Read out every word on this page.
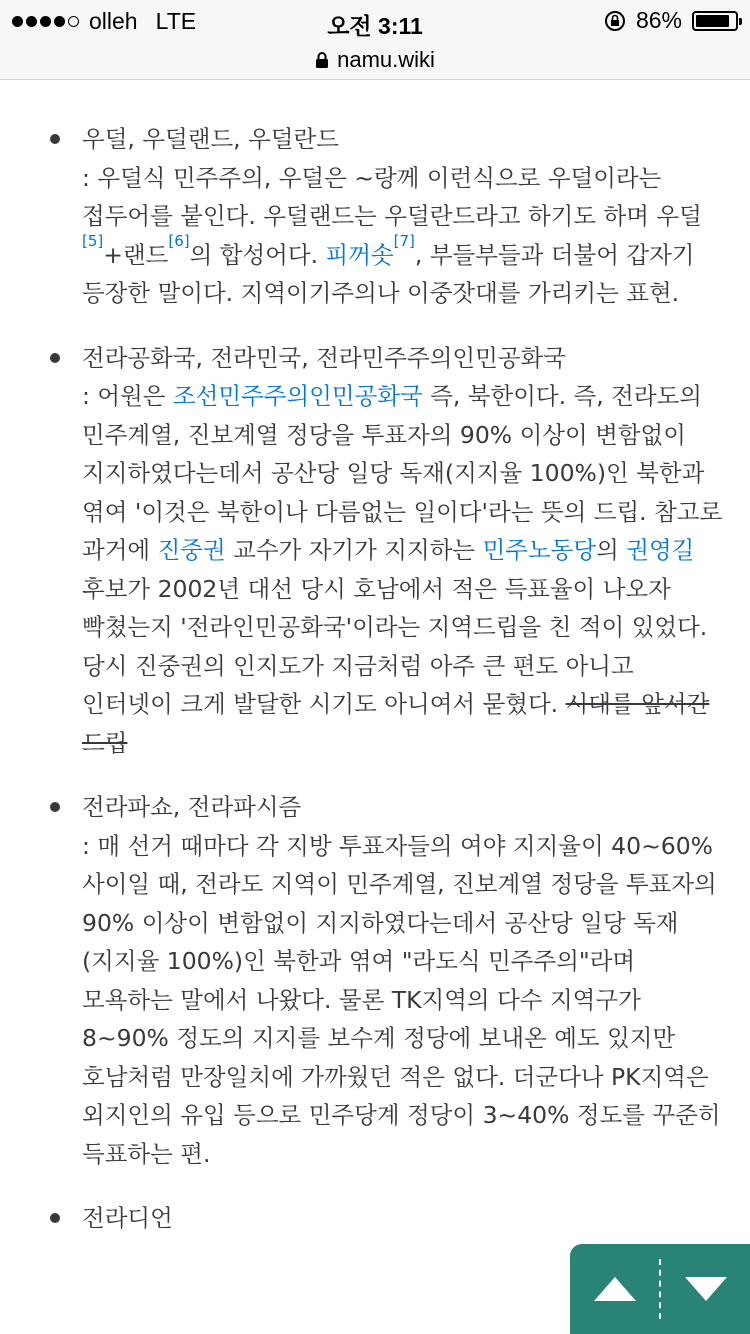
olleh LTE	오전 3:11	86%
namu.wiki
우덜, 우덜랜드, 우덜란드
: 우덜식 민주주의, 우덜은 ~랑께 이런식으로 우덜이라는 접두어를 붙인다. 우덜랜드는 우덜란드라고 하기도 하며 우덜[5]+랜드[6]의 합성어다. 피꺼솟[7], 부들부들과 더불어 갑자기 등장한 말이다. 지역이기주의나 이중잣대를 가리키는 표현.
전라공화국, 전라민국, 전라민주주의인민공화국
: 어원은 조선민주주의인민공화국 즉, 북한이다. 즉, 전라도의 민주계열, 진보계열 정당을 투표자의 90% 이상이 변함없이 지지하였다는데서 공산당 일당 독재(지지율 100%)인 북한과 엮여 '이것은 북한이나 다름없는 일이다'라는 뜻의 드립. 참고로 과거에 진중권 교수가 자기가 지지하는 민주노동당의 권영길 후보가 2002년 대선 당시 호남에서 적은 득표율이 나오자 빡쳤는지 '전라인민공화국'이라는 지역드립을 친 적이 있었다. 당시 진중권의 인지도가 지금처럼 아주 큰 편도 아니고 인터넷이 크게 발달한 시기도 아니여서 묻혔다. 시대를 앞서간 드립
전라파쇼, 전라파시즘
: 매 선거 때마다 각 지방 투표자들의 여야 지지율이 40~60% 사이일 때, 전라도 지역이 민주계열, 진보계열 정당을 투표자의 90% 이상이 변함없이 지지하였다는데서 공산당 일당 독재(지지율 100%)인 북한과 엮여 "라도식 민주주의"라며 모욕하는 말에서 나왔다. 물론 TK지역의 다수 지역구가 8~90% 정도의 지지를 보수계 정당에 보내온 예도 있지만 호남처럼 만장일치에 가까웠던 적은 없다. 더군다나 PK지역은 외지인의 유입 등으로 민주당계 정당이 3~40% 정도를 꾸준히 득표하는 편.
전라디언
